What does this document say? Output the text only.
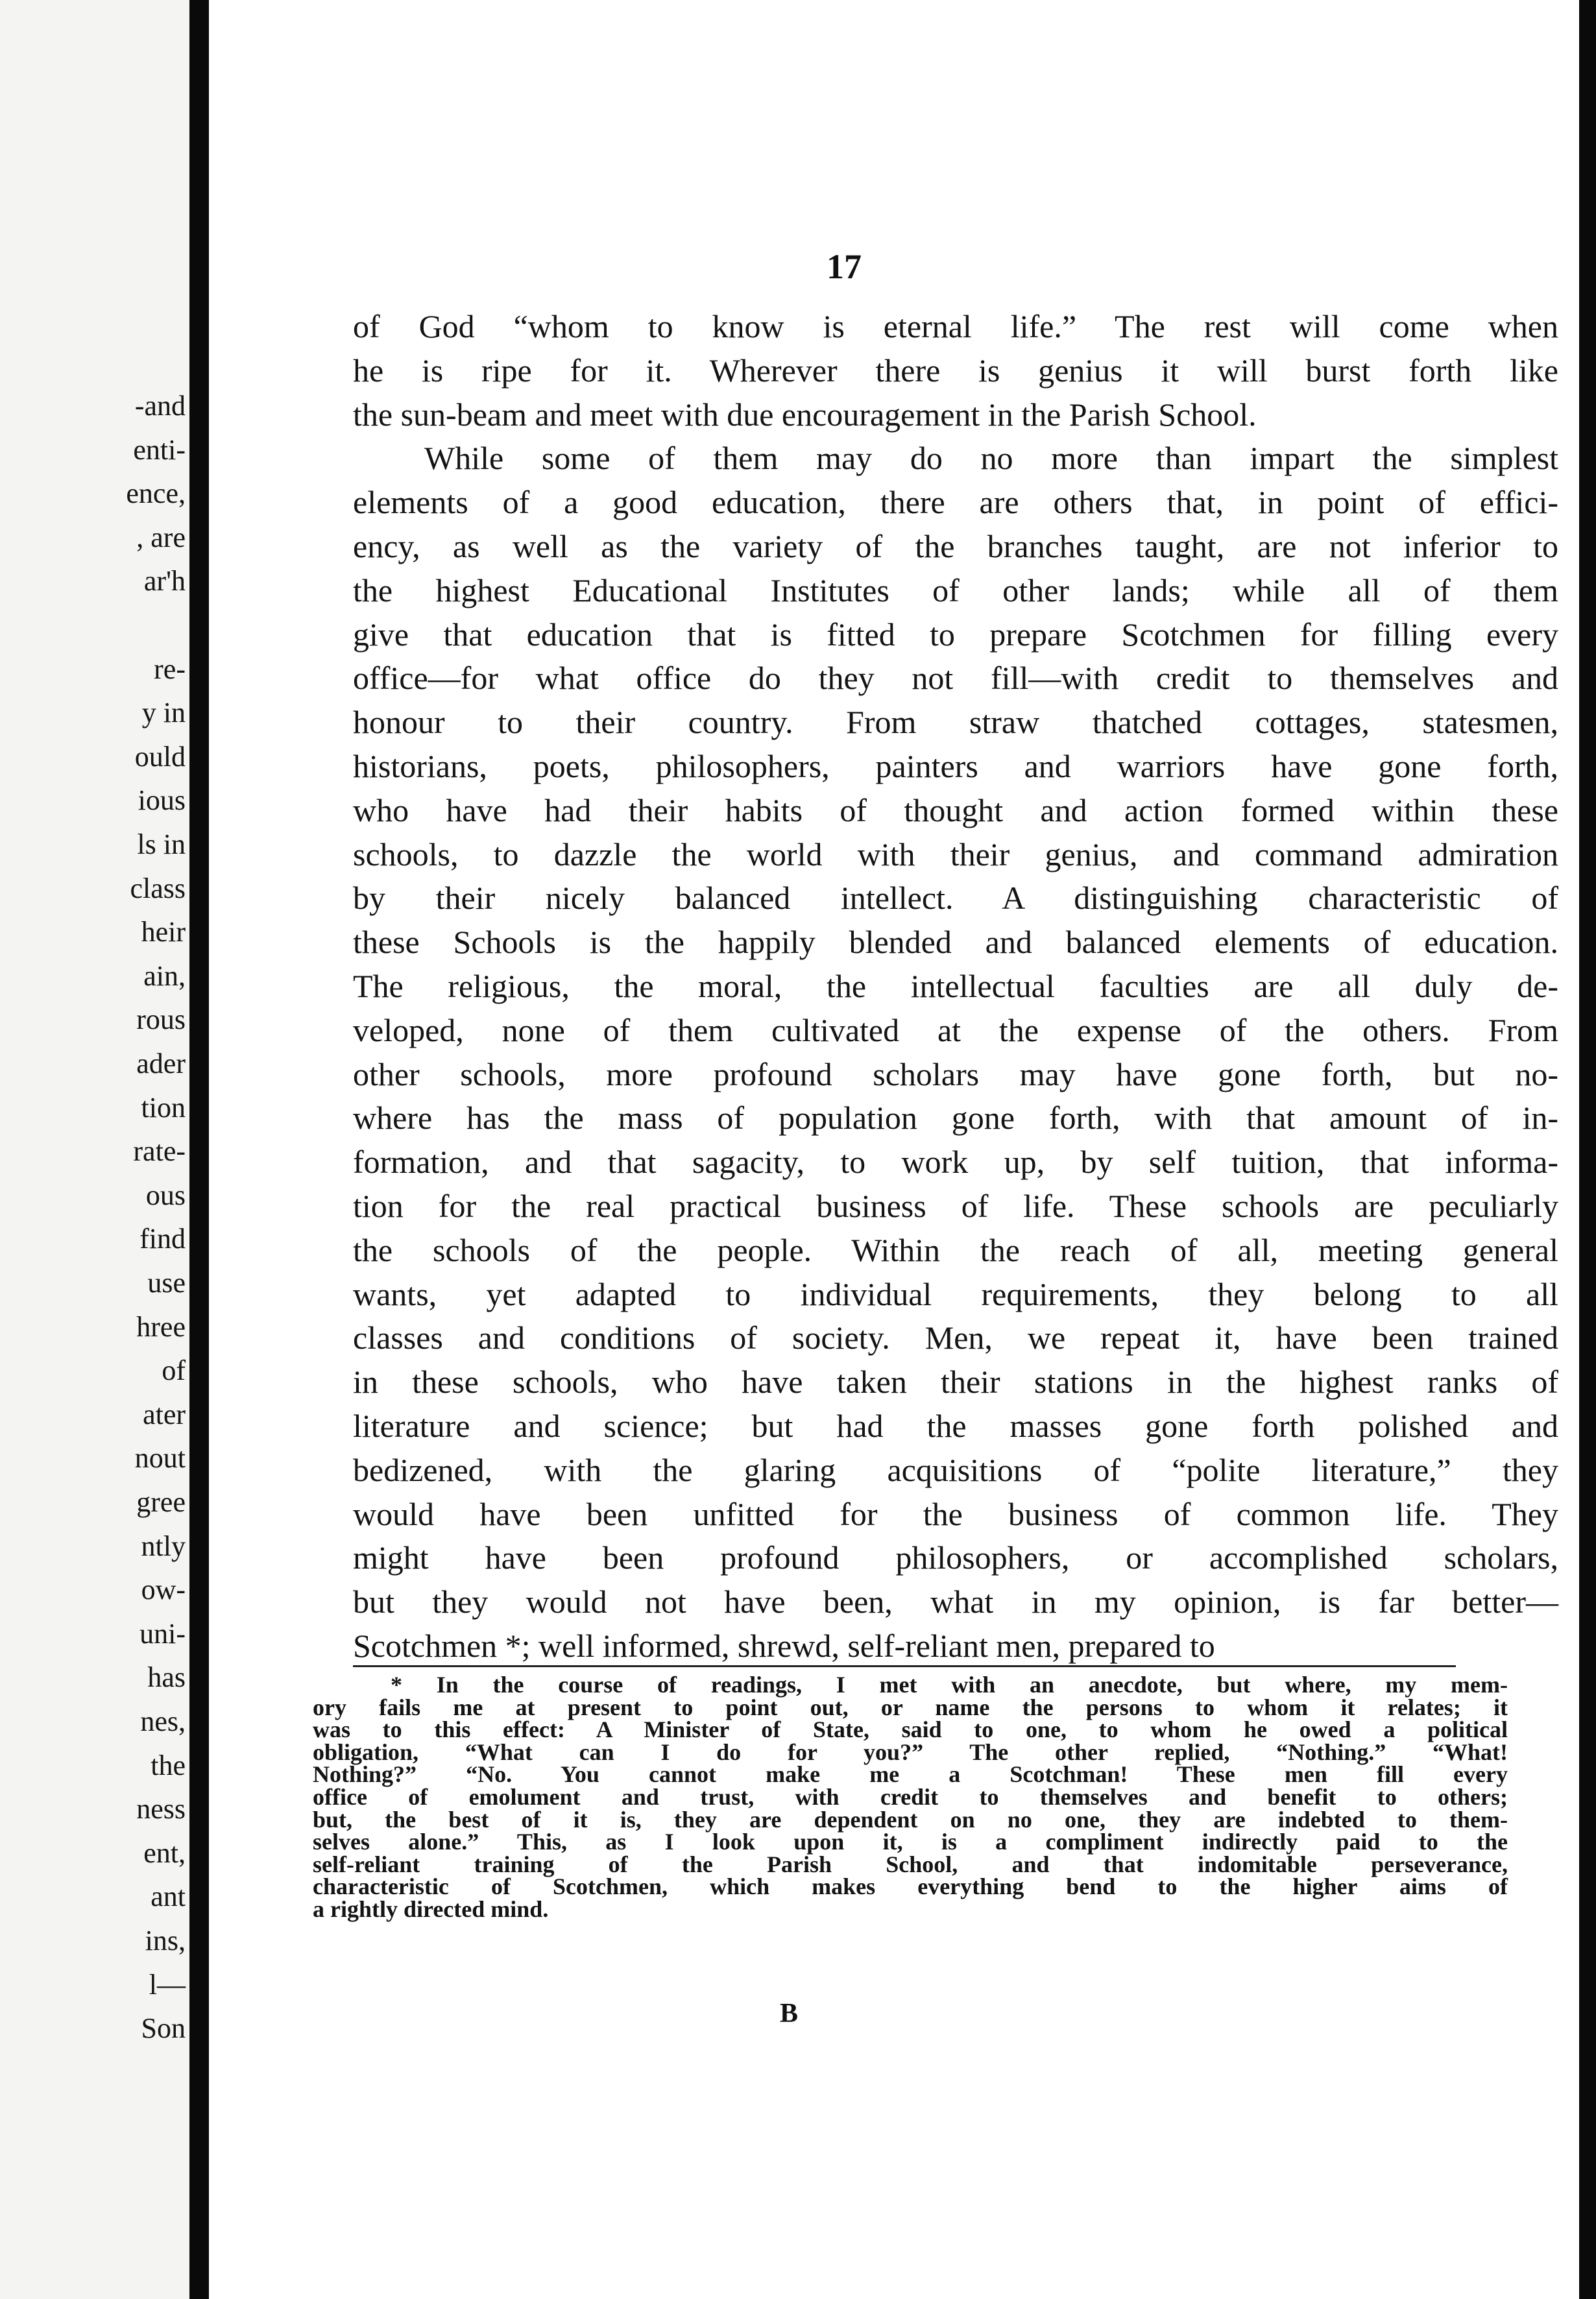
-and
enti-
ence,
, are
ar'h
re-
y in
ould
ious
ls in
class
heir
ain,
rous
ader
tion
rate-
ous
find
use
hree
of
ater
nout
gree
ntly
ow-
uni-
has
nes,
the
ness
ent,
ant
ins,
l—
Son
17
of God “whom to know is eternal life.” The rest will come when
he is ripe for it. Wherever there is genius it will burst forth like
the sun-beam and meet with due encouragement in the Parish School.
While some of them may do no more than impart the simplest
elements of a good education, there are others that, in point of effici-
ency, as well as the variety of the branches taught, are not inferior to
the highest Educational Institutes of other lands; while all of them
give that education that is fitted to prepare Scotchmen for filling every
office—for what office do they not fill—with credit to themselves and
honour to their country. From straw thatched cottages, statesmen,
historians, poets, philosophers, painters and warriors have gone forth,
who have had their habits of thought and action formed within these
schools, to dazzle the world with their genius, and command admiration
by their nicely balanced intellect. A distinguishing characteristic of
these Schools is the happily blended and balanced elements of education.
The religious, the moral, the intellectual faculties are all duly de-
veloped, none of them cultivated at the expense of the others. From
other schools, more profound scholars may have gone forth, but no-
where has the mass of population gone forth, with that amount of in-
formation, and that sagacity, to work up, by self tuition, that informa-
tion for the real practical business of life. These schools are peculiarly
the schools of the people. Within the reach of all, meeting general
wants, yet adapted to individual requirements, they belong to all
classes and conditions of society. Men, we repeat it, have been trained
in these schools, who have taken their stations in the highest ranks of
literature and science; but had the masses gone forth polished and
bedizened, with the glaring acquisitions of “polite literature,” they
would have been unfitted for the business of common life. They
might have been profound philosophers, or accomplished scholars,
but they would not have been, what in my opinion, is far better—
Scotchmen *; well informed, shrewd, self-reliant men, prepared to
* In the course of readings, I met with an anecdote, but where, my mem-
ory fails me at present to point out, or name the persons to whom it relates; it
was to this effect: A Minister of State, said to one, to whom he owed a political
obligation, “What can I do for you?” The other replied, “Nothing.” “What!
Nothing?” “No. You cannot make me a Scotchman! These men fill every
office of emolument and trust, with credit to themselves and benefit to others;
but, the best of it is, they are dependent on no one, they are indebted to them-
selves alone.” This, as I look upon it, is a compliment indirectly paid to the
self-reliant training of the Parish School, and that indomitable perseverance,
characteristic of Scotchmen, which makes everything bend to the higher aims of
a rightly directed mind.
B
